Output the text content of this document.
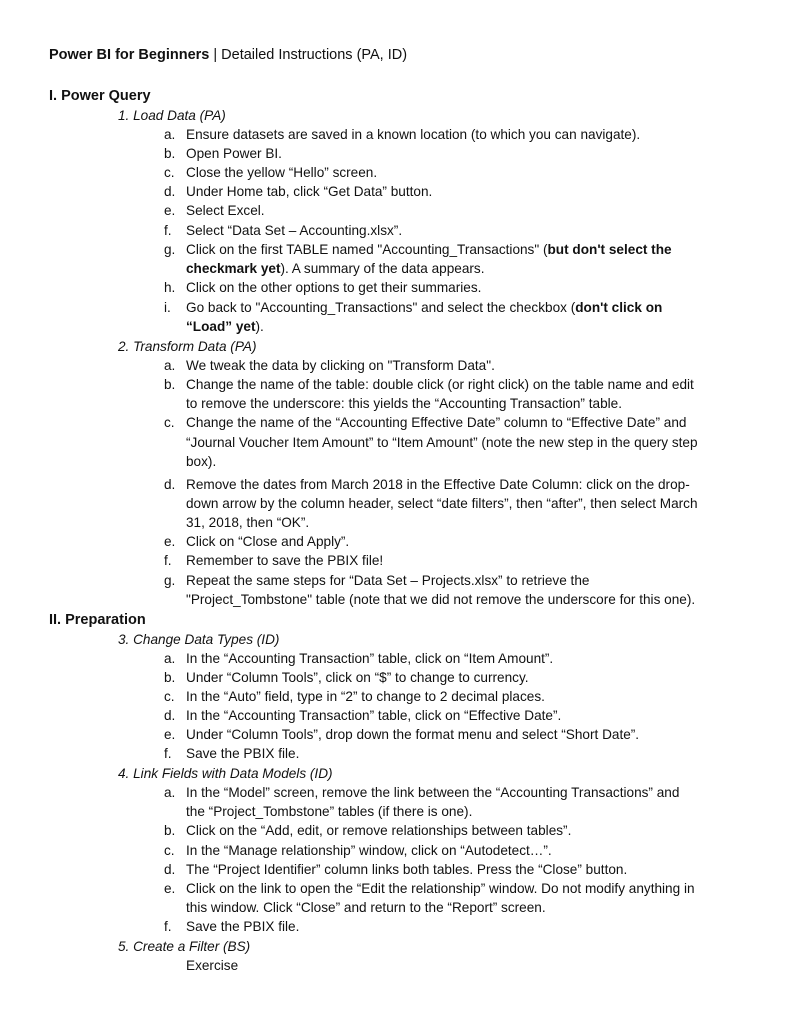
Power BI for Beginners | Detailed Instructions (PA, ID)
I. Power Query
1. Load Data (PA)
a. Ensure datasets are saved in a known location (to which you can navigate).
b. Open Power BI.
c. Close the yellow “Hello” screen.
d. Under Home tab, click “Get Data” button.
e. Select Excel.
f. Select “Data Set – Accounting.xlsx”.
g. Click on the first TABLE named "Accounting_Transactions" (but don't select the
checkmark yet). A summary of the data appears.
h. Click on the other options to get their summaries.
i. Go back to "Accounting_Transactions" and select the checkbox (don't click on
“Load” yet).
2. Transform Data (PA)
a. We tweak the data by clicking on "Transform Data".
b. Change the name of the table: double click (or right click) on the table name and edit
to remove the underscore: this yields the “Accounting Transaction” table.
c. Change the name of the “Accounting Effective Date” column to “Effective Date” and
“Journal Voucher Item Amount” to “Item Amount” (note the new step in the query step
box).
d. Remove the dates from March 2018 in the Effective Date Column: click on the drop-
down arrow by the column header, select “date filters”, then “after”, then select March
31, 2018, then “OK”.
e. Click on “Close and Apply”.
f. Remember to save the PBIX file!
g. Repeat the same steps for “Data Set – Projects.xlsx” to retrieve the
"Project_Tombstone" table (note that we did not remove the underscore for this one).
II. Preparation
3. Change Data Types (ID)
a. In the “Accounting Transaction” table, click on “Item Amount”.
b. Under “Column Tools”, click on “$” to change to currency.
c. In the “Auto” field, type in “2” to change to 2 decimal places.
d. In the “Accounting Transaction” table, click on “Effective Date”.
e. Under “Column Tools”, drop down the format menu and select “Short Date”.
f. Save the PBIX file.
4. Link Fields with Data Models (ID)
a. In the “Model” screen, remove the link between the “Accounting Transactions” and
the “Project_Tombstone” tables (if there is one).
b. Click on the “Add, edit, or remove relationships between tables”.
c. In the “Manage relationship” window, click on “Autodetect…”.
d. The “Project Identifier” column links both tables. Press the “Close” button.
e. Click on the link to open the “Edit the relationship” window. Do not modify anything in
this window. Click “Close” and return to the “Report” screen.
f. Save the PBIX file.
5. Create a Filter (BS)
Exercise
